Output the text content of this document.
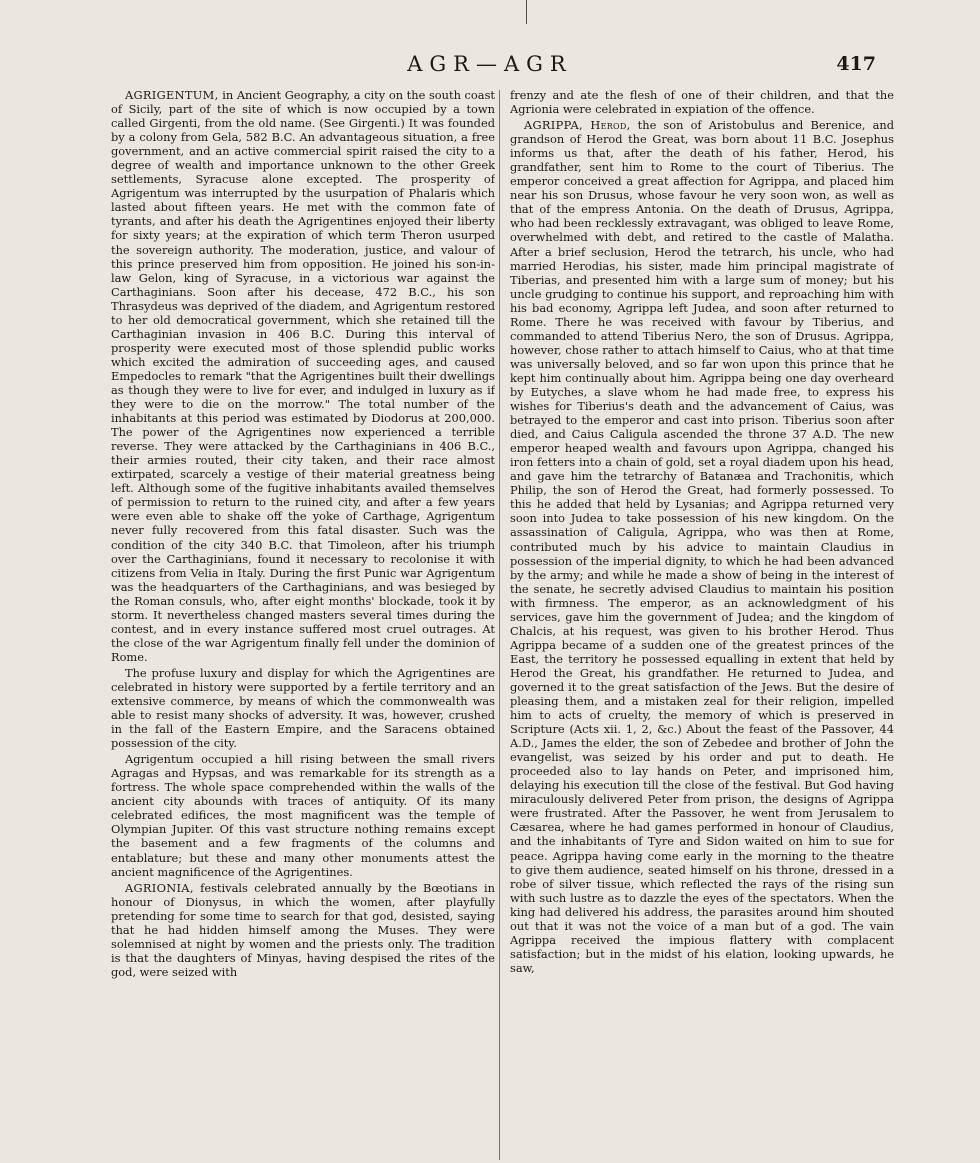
AGR—AGR	417

AGRIGENTUM, in Ancient Geography, a city on the south coast of Sicily, part of the site of which is now occupied by a town called Girgenti, from the old name. (See Girgenti.) It was founded by a colony from Gela, 582 B.C. An advantageous situation, a free government, and an active commercial spirit raised the city to a degree of wealth and importance unknown to the other Greek settlements, Syracuse alone excepted. The prosperity of Agrigentum was interrupted by the usurpation of Phalaris which lasted about fifteen years. He met with the common fate of tyrants, and after his death the Agrigentines enjoyed their liberty for sixty years; at the expiration of which term Theron usurped the sovereign authority. The moderation, justice, and valour of this prince preserved him from opposition. He joined his son-in-law Gelon, king of Syracuse, in a victorious war against the Carthaginians. Soon after his decease, 472 B.C., his son Thrasydeus was deprived of the diadem, and Agrigentum restored to her old democratical government, which she retained till the Carthaginian invasion in 406 B.C. During this interval of prosperity were executed most of those splendid public works which excited the admiration of succeeding ages, and caused Empedocles to remark "that the Agrigentines built their dwellings as though they were to live for ever, and indulged in luxury as if they were to die on the morrow." The total number of the inhabitants at this period was estimated by Diodorus at 200,000. The power of the Agrigentines now experienced a terrible reverse. They were attacked by the Carthaginians in 406 B.C., their armies routed, their city taken, and their race almost extirpated, scarcely a vestige of their material greatness being left. Although some of the fugitive inhabitants availed themselves of permission to return to the ruined city, and after a few years were even able to shake off the yoke of Carthage, Agrigentum never fully recovered from this fatal disaster. Such was the condition of the city 340 B.C. that Timoleon, after his triumph over the Carthaginians, found it necessary to recolonise it with citizens from Velia in Italy. During the first Punic war Agrigentum was the headquarters of the Carthaginians, and was besieged by the Roman consuls, who, after eight months' blockade, took it by storm. It nevertheless changed masters several times during the contest, and in every instance suffered most cruel outrages. At the close of the war Agrigentum finally fell under the dominion of Rome.

The profuse luxury and display for which the Agrigentines are celebrated in history were supported by a fertile territory and an extensive commerce, by means of which the commonwealth was able to resist many shocks of adversity. It was, however, crushed in the fall of the Eastern Empire, and the Saracens obtained possession of the city.

Agrigentum occupied a hill rising between the small rivers Agragas and Hypsas, and was remarkable for its strength as a fortress. The whole space comprehended within the walls of the ancient city abounds with traces of antiquity. Of its many celebrated edifices, the most magnificent was the temple of Olympian Jupiter. Of this vast structure nothing remains except the basement and a few fragments of the columns and entablature; but these and many other monuments attest the ancient magnificence of the Agrigentines.

AGRIONIA, festivals celebrated annually by the Bœotians in honour of Dionysus, in which the women, after playfully pretending for some time to search for that god, desisted, saying that he had hidden himself among the Muses. They were solemnised at night by women and the priests only. The tradition is that the daughters of Minyas, having despised the rites of the god, were seized with

frenzy and ate the flesh of one of their children, and that the Agrionia were celebrated in expiation of the offence.

AGRIPPA, Herod, the son of Aristobulus and Berenice, and grandson of Herod the Great, was born about 11 B.C. Josephus informs us that, after the death of his father, Herod, his grandfather, sent him to Rome to the court of Tiberius. The emperor conceived a great affection for Agrippa, and placed him near his son Drusus, whose favour he very soon won, as well as that of the empress Antonia. On the death of Drusus, Agrippa, who had been recklessly extravagant, was obliged to leave Rome, overwhelmed with debt, and retired to the castle of Malatha. After a brief seclusion, Herod the tetrarch, his uncle, who had married Herodias, his sister, made him principal magistrate of Tiberias, and presented him with a large sum of money; but his uncle grudging to continue his support, and reproaching him with his bad economy, Agrippa left Judea, and soon after returned to Rome. There he was received with favour by Tiberius, and commanded to attend Tiberius Nero, the son of Drusus. Agrippa, however, chose rather to attach himself to Caius, who at that time was universally beloved, and so far won upon this prince that he kept him continually about him. Agrippa being one day overheard by Eutyches, a slave whom he had made free, to express his wishes for Tiberius's death and the advancement of Caius, was betrayed to the emperor and cast into prison. Tiberius soon after died, and Caius Caligula ascended the throne 37 A.D. The new emperor heaped wealth and favours upon Agrippa, changed his iron fetters into a chain of gold, set a royal diadem upon his head, and gave him the tetrarchy of Batanæa and Trachonitis, which Philip, the son of Herod the Great, had formerly possessed. To this he added that held by Lysanias; and Agrippa returned very soon into Judea to take possession of his new kingdom. On the assassination of Caligula, Agrippa, who was then at Rome, contributed much by his advice to maintain Claudius in possession of the imperial dignity, to which he had been advanced by the army; and while he made a show of being in the interest of the senate, he secretly advised Claudius to maintain his position with firmness. The emperor, as an acknowledgment of his services, gave him the government of Judea; and the kingdom of Chalcis, at his request, was given to his brother Herod. Thus Agrippa became of a sudden one of the greatest princes of the East, the territory he possessed equalling in extent that held by Herod the Great, his grandfather. He returned to Judea, and governed it to the great satisfaction of the Jews. But the desire of pleasing them, and a mistaken zeal for their religion, impelled him to acts of cruelty, the memory of which is preserved in Scripture (Acts xii. 1, 2, &c.) About the feast of the Passover, 44 A.D., James the elder, the son of Zebedee and brother of John the evangelist, was seized by his order and put to death. He proceeded also to lay hands on Peter, and imprisoned him, delaying his execution till the close of the festival. But God having miraculously delivered Peter from prison, the designs of Agrippa were frustrated. After the Passover, he went from Jerusalem to Cæsarea, where he had games performed in honour of Claudius, and the inhabitants of Tyre and Sidon waited on him to sue for peace. Agrippa having come early in the morning to the theatre to give them audience, seated himself on his throne, dressed in a robe of silver tissue, which reflected the rays of the rising sun with such lustre as to dazzle the eyes of the spectators. When the king had delivered his address, the parasites around him shouted out that it was not the voice of a man but of a god. The vain Agrippa received the impious flattery with complacent satisfaction; but in the midst of his elation, looking upwards, he saw,
